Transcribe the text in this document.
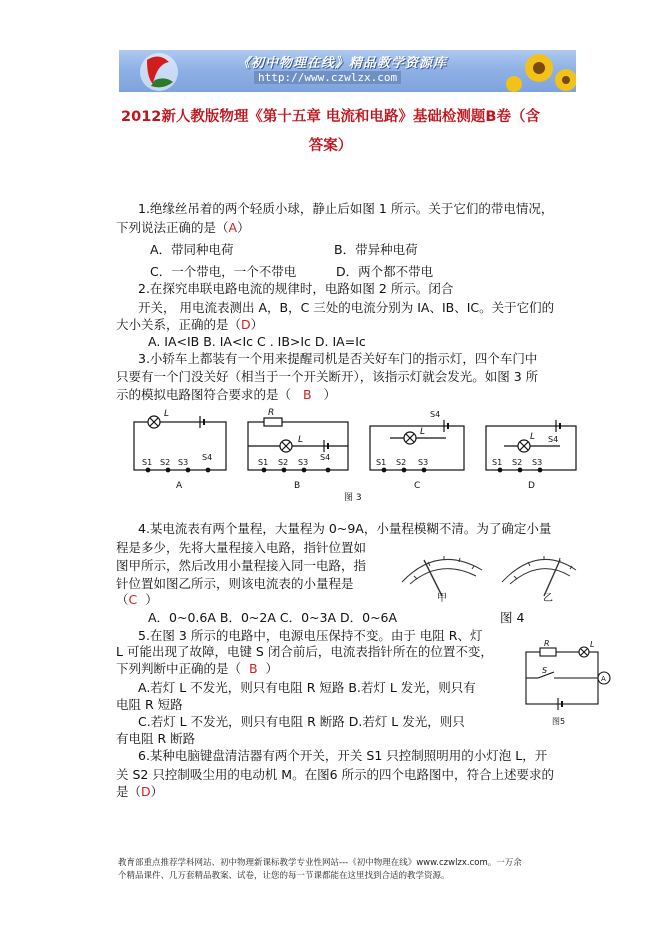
《初中物理在线》精品教学资源库
http://www.czwlzx.com
2012新人教版物理《第十五章 电流和电路》基础检测题B卷（含
答案）
1.绝缘丝吊着的两个轻质小球，静止后如图 1 所示。关于它们的带电情况，
下列说法正确的是（A）
A．带同种电荷	B．带异种电荷
C．一个带电，一个不带电	D．两个都不带电
2.在探究串联电路电流的规律时，电路如图 2 所示。闭合
开关， 用电流表测出 A，B，C 三处的电流分别为 IA、IB、IC。关于它们的
大小关系，正确的是（D）
A. IA<IB B. IA<Ic C . IB>Ic D. IA=Ic
3.小轿车上都装有一个用来提醒司机是否关好车门的指示灯，四个车门中
只要有一个门没关好（相当于一个开关断开），该指示灯就会发光。如图 3 所
示的模拟电路图符合要求的是（ B ）
L
S1 S2 S3
S4
A
R
L
S1 S2 S3
S4
B
S4
L
S1 S2 S3
C
L S4
S1 S2 S3
D
图 3
4.某电流表有两个量程，大量程为 0~9A，小量程模糊不清。为了确定小量
程是多少，先将大量程接入电路，指针位置如
图甲所示，然后改用小量程接入同一电路，指
针位置如图乙所示，则该电流表的小量程是
（C ）	甲	乙
A．0~0.6A B．0~2A C．0~3A D．0~6A	图 4
5.在图 3 所示的电路中，电源电压保持不变。由于 电阻 R、灯
L 可能出现了故障，电键 S 闭合前后，电流表指针所在的位置不变，
下列判断中正确的是（ B ）
A.若灯 L 不发光，则只有电阻 R 短路 B.若灯 L 发光，则只有
电阻 R 短路
C.若灯 L 不发光，则只有电阻 R 断路 D.若灯 L 发光，则只
有电阻 R 断路
R	L
S
A
图5
6.某种电脑键盘清洁器有两个开关，开关 S1 只控制照明用的小灯泡 L，开
关 S2 只控制吸尘用的电动机 M。在图6 所示的四个电路图中，符合上述要求的
是（D）
教育部重点推荐学科网站、初中物理新课标教学专业性网站---《初中物理在线》www.czwlzx.com。一万余
个精品课件、几万套精品教案、试卷，让您的每一节课都能在这里找到合适的教学资源。
